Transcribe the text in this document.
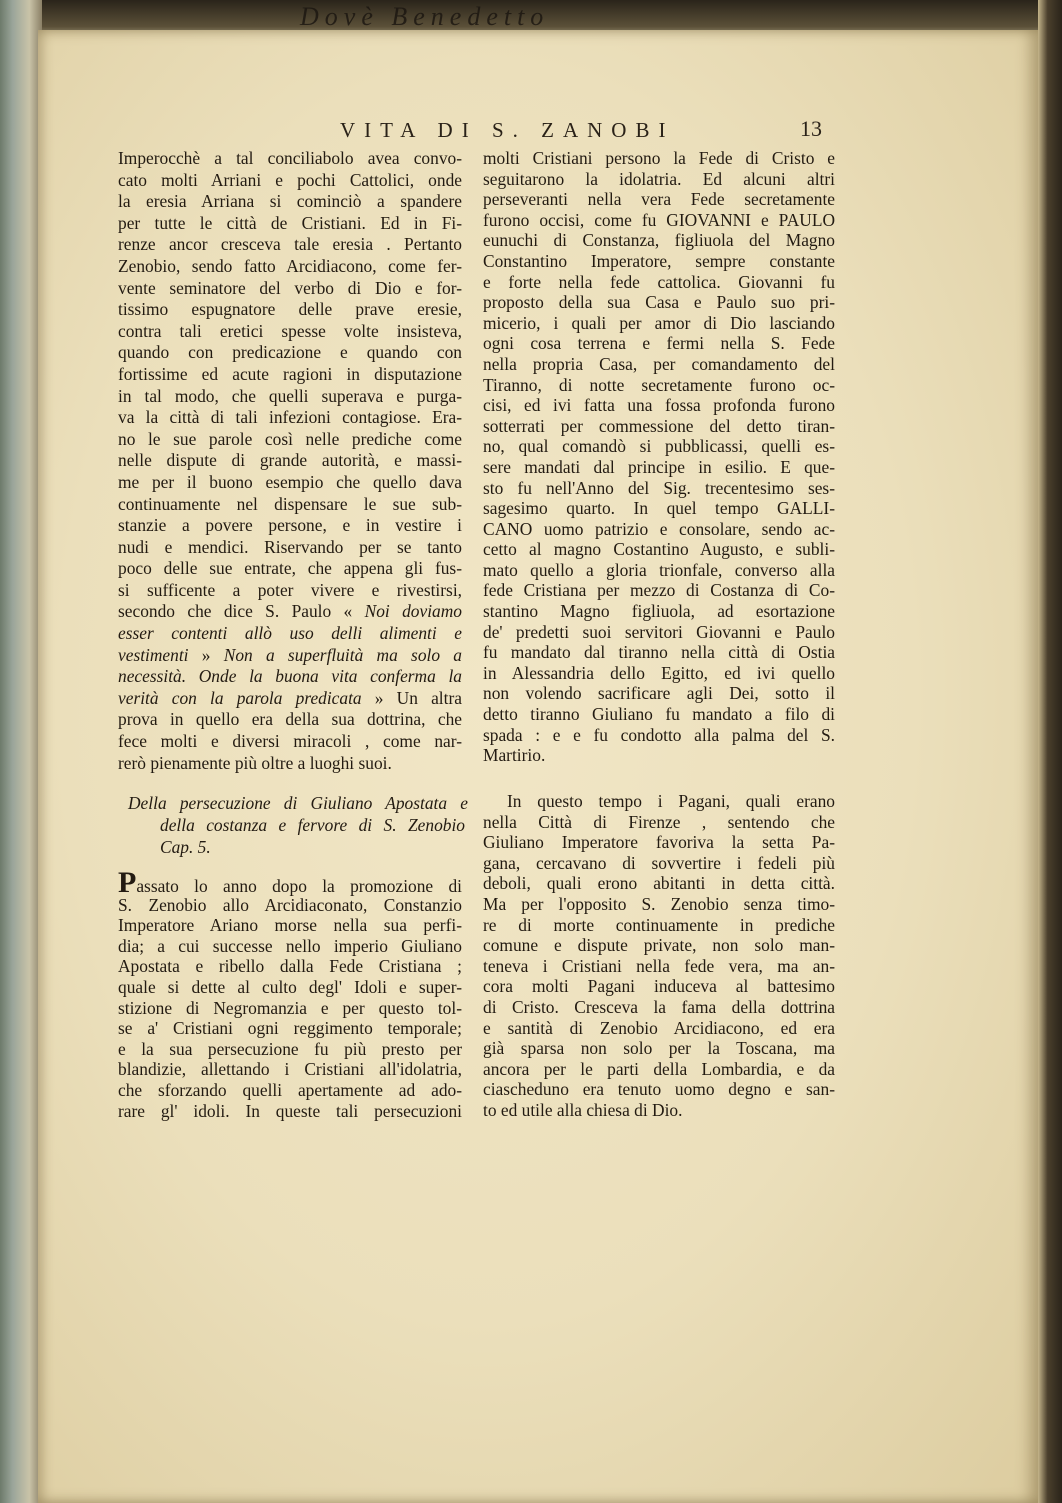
Dovè Benedetto
VITA DI S. ZANOBI	13
Imperocchè a tal conciliabolo avea convo-
cato molti Arriani e pochi Cattolici, onde
la eresia Arriana si cominciò a spandere
per tutte le città de Cristiani. Ed in Fi-
renze ancor cresceva tale eresia . Pertanto
Zenobio, sendo fatto Arcidiacono, come fer-
vente seminatore del verbo di Dio e for-
tissimo espugnatore delle prave eresie,
contra tali eretici spesse volte insisteva,
quando con predicazione e quando con
fortissime ed acute ragioni in disputazione
in tal modo, che quelli superava e purga-
va la città di tali infezioni contagiose. Era-
no le sue parole così nelle prediche come
nelle dispute di grande autorità, e massi-
me per il buono esempio che quello dava
continuamente nel dispensare le sue sub-
stanzie a povere persone, e in vestire i
nudi e mendici. Riservando per se tanto
poco delle sue entrate, che appena gli fus-
si sufficente a poter vivere e rivestirsi,
secondo che dice S. Paulo « Noi doviamo
esser contenti allò uso delli alimenti e
vestimenti » Non a superfluità ma solo a
necessità. Onde la buona vita conferma la
verità con la parola predicata » Un altra
prova in quello era della sua dottrina, che
fece molti e diversi miracoli , come nar-
rerò pienamente più oltre a luoghi suoi.
Della persecuzione di Giuliano Apostata e
della costanza e fervore di S. Zenobio
Cap. 5.
Passato lo anno dopo la promozione di
S. Zenobio allo Arcidiaconato, Constanzio
Imperatore Ariano morse nella sua perfi-
dia; a cui successe nello imperio Giuliano
Apostata e ribello dalla Fede Cristiana ;
quale si dette al culto degl' Idoli e super-
stizione di Negromanzia e per questo tol-
se a' Cristiani ogni reggimento temporale;
e la sua persecuzione fu più presto per
blandizie, allettando i Cristiani all'idolatria,
che sforzando quelli apertamente ad ado-
rare gl' idoli. In queste tali persecuzioni
molti Cristiani persono la Fede di Cristo e
seguitarono la idolatria. Ed alcuni altri
perseveranti nella vera Fede secretamente
furono occisi, come fu GIOVANNI e PAULO
eunuchi di Constanza, figliuola del Magno
Constantino Imperatore, sempre constante
e forte nella fede cattolica. Giovanni fu
proposto della sua Casa e Paulo suo pri-
micerio, i quali per amor di Dio lasciando
ogni cosa terrena e fermi nella S. Fede
nella propria Casa, per comandamento del
Tiranno, di notte secretamente furono oc-
cisi, ed ivi fatta una fossa profonda furono
sotterrati per commessione del detto tiran-
no, qual comandò si pubblicassi, quelli es-
sere mandati dal principe in esilio. E que-
sto fu nell'Anno del Sig. trecentesimo ses-
sagesimo quarto. In quel tempo GALLI-
CANO uomo patrizio e consolare, sendo ac-
cetto al magno Costantino Augusto, e subli-
mato quello a gloria trionfale, converso alla
fede Cristiana per mezzo di Costanza di Co-
stantino Magno figliuola, ad esortazione
de' predetti suoi servitori Giovanni e Paulo
fu mandato dal tiranno nella città di Ostia
in Alessandria dello Egitto, ed ivi quello
non volendo sacrificare agli Dei, sotto il
detto tiranno Giuliano fu mandato a filo di
spada : e e fu condotto alla palma del S.
Martirio.
In questo tempo i Pagani, quali erano
nella Città di Firenze , sentendo che
Giuliano Imperatore favoriva la setta Pa-
gana, cercavano di sovvertire i fedeli più
deboli, quali erono abitanti in detta città.
Ma per l'opposito S. Zenobio senza timo-
re di morte continuamente in prediche
comune e dispute private, non solo man-
teneva i Cristiani nella fede vera, ma an-
cora molti Pagani induceva al battesimo
di Cristo. Cresceva la fama della dottrina
e santità di Zenobio Arcidiacono, ed era
già sparsa non solo per la Toscana, ma
ancora per le parti della Lombardia, e da
ciascheduno era tenuto uomo degno e san-
to ed utile alla chiesa di Dio.
